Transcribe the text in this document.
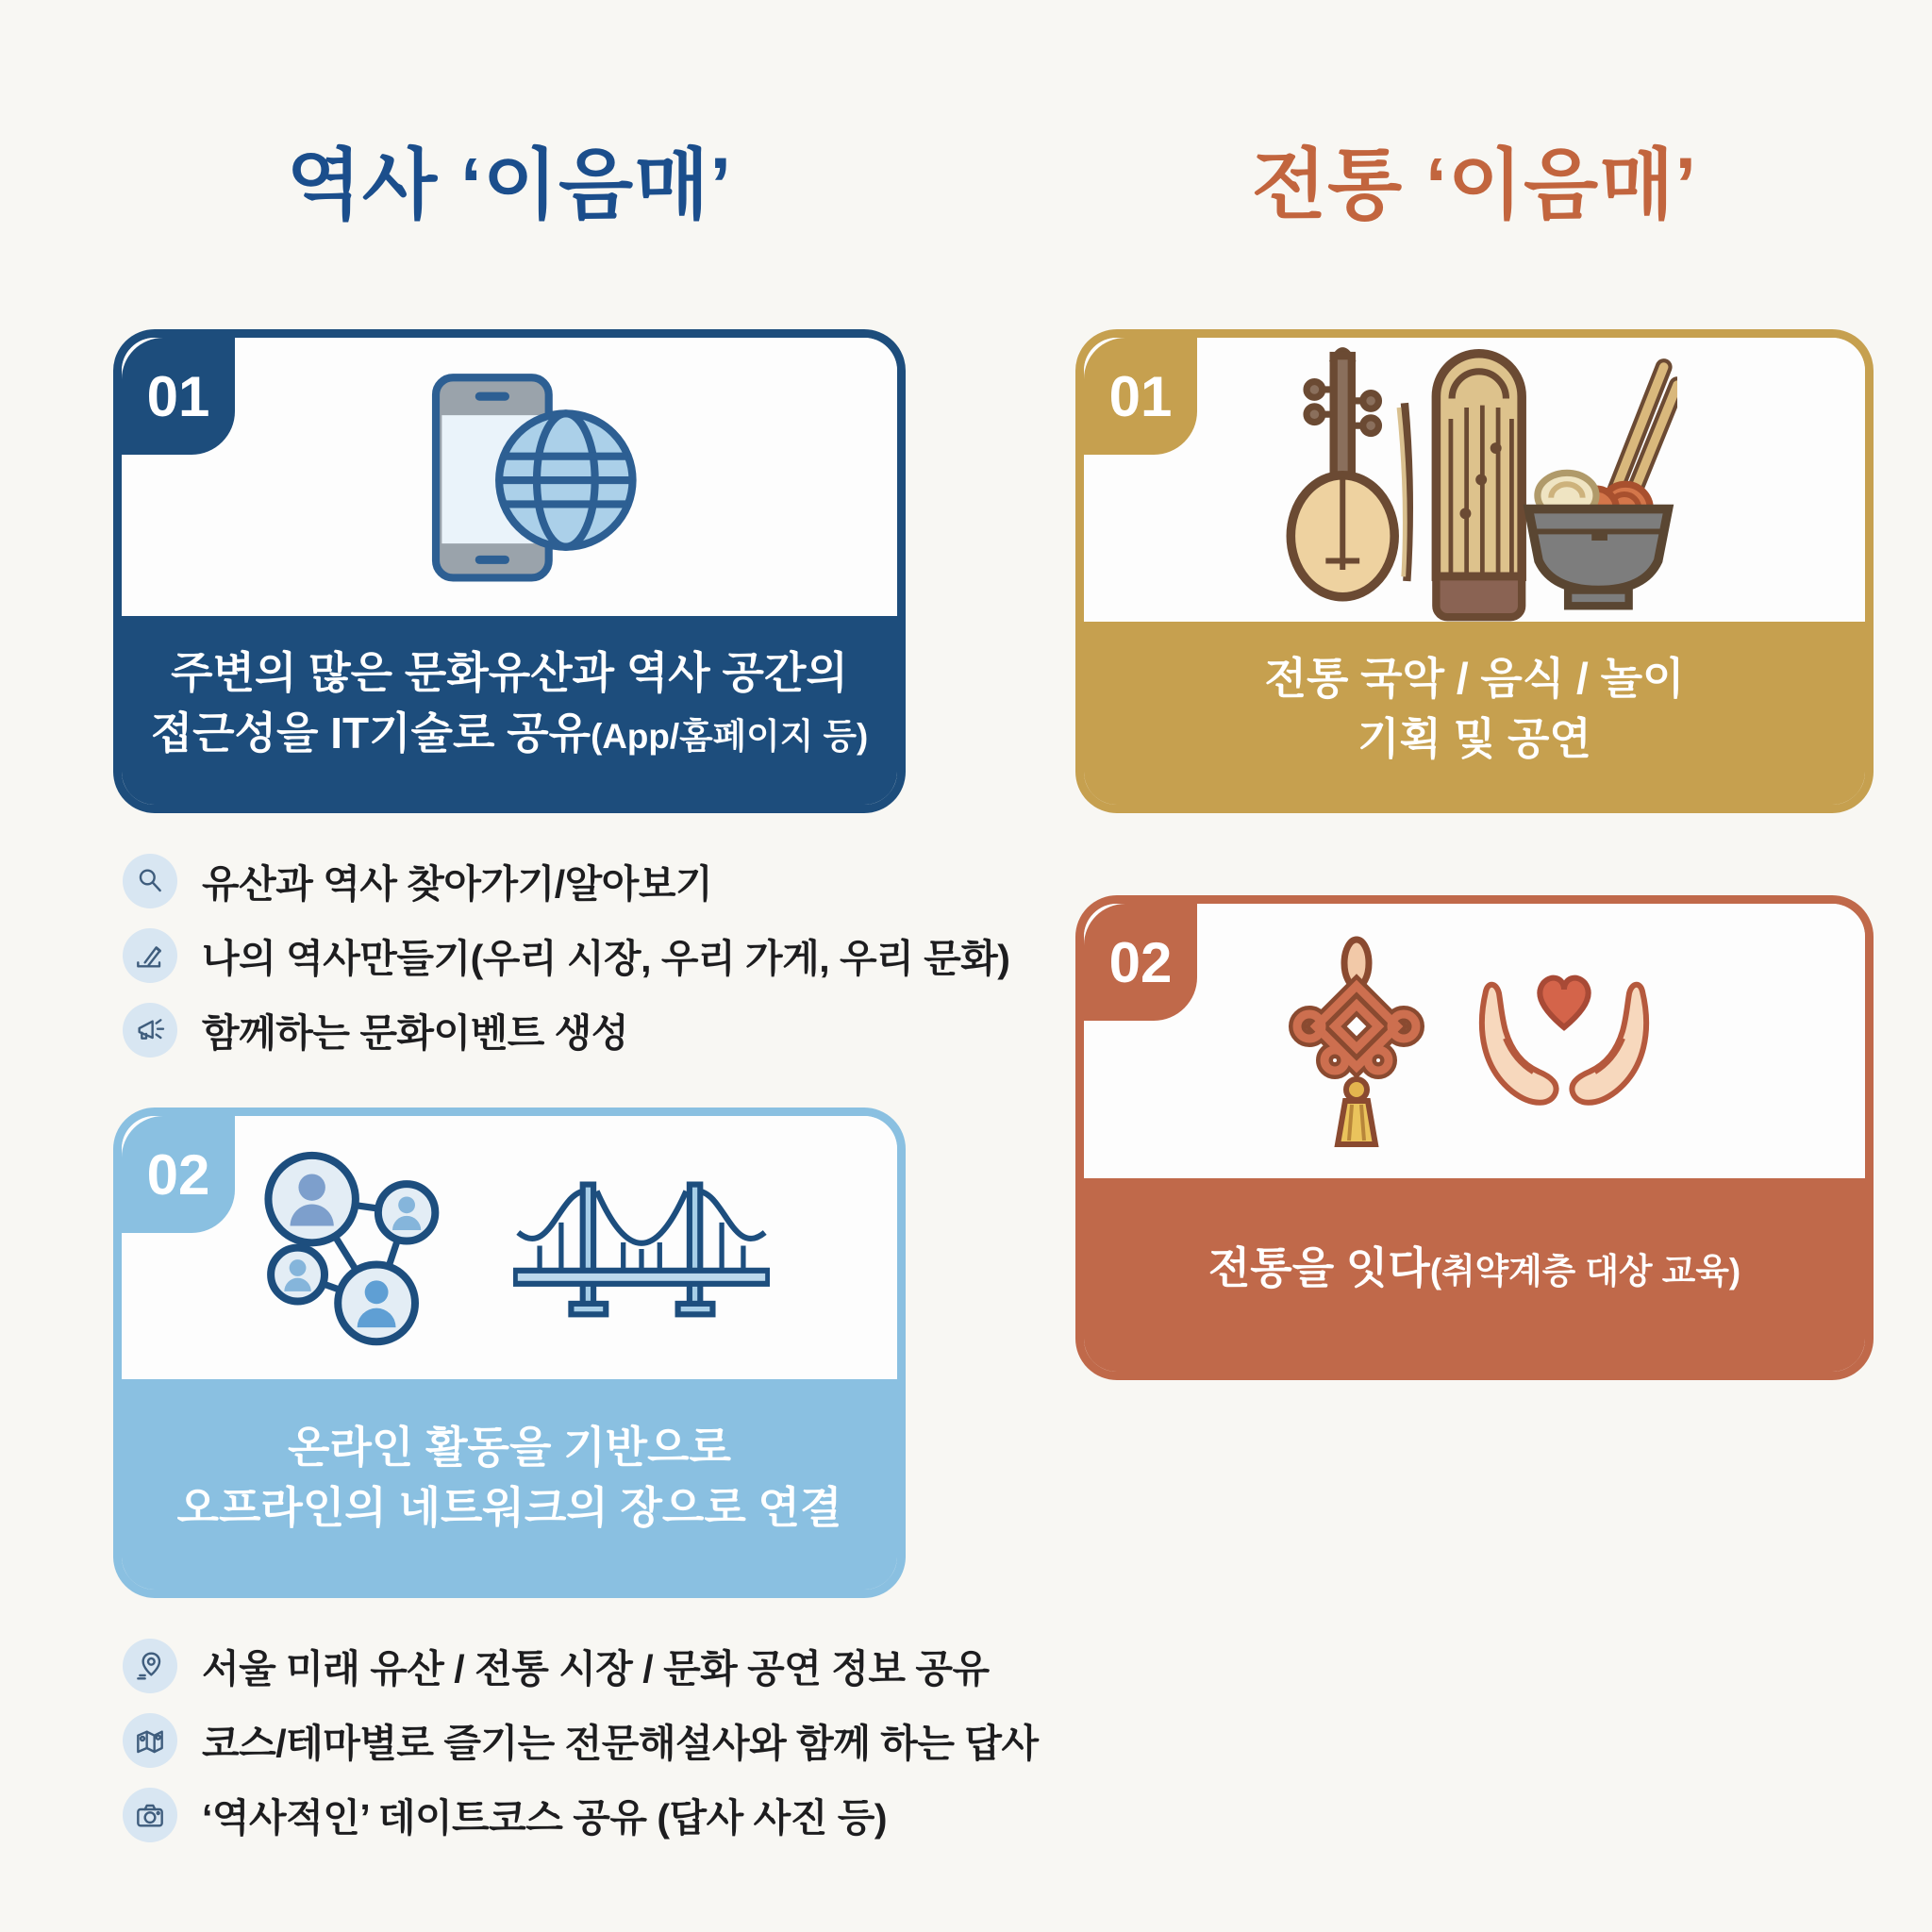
역사 ‘이음매’
01
주변의 많은 문화유산과 역사 공간의
접근성을 IT기술로 공유(App/홈페이지 등)
유산과 역사 찾아가기/알아보기
나의 역사만들기(우리 시장, 우리 가게, 우리 문화)
함께하는 문화이벤트 생성
02
온라인 활동을 기반으로
오프라인의 네트워크의 장으로 연결
서울 미래 유산 / 전통 시장 / 문화 공연 정보 공유
코스/테마별로 즐기는 전문해설사와 함께 하는 답사
‘역사적인’ 데이트코스 공유 (답사 사진 등)
전통 ‘이음매’
01
전통 국악 / 음식 / 놀이
기획 및 공연
02
전통을 잇다(취약계층 대상 교육)
